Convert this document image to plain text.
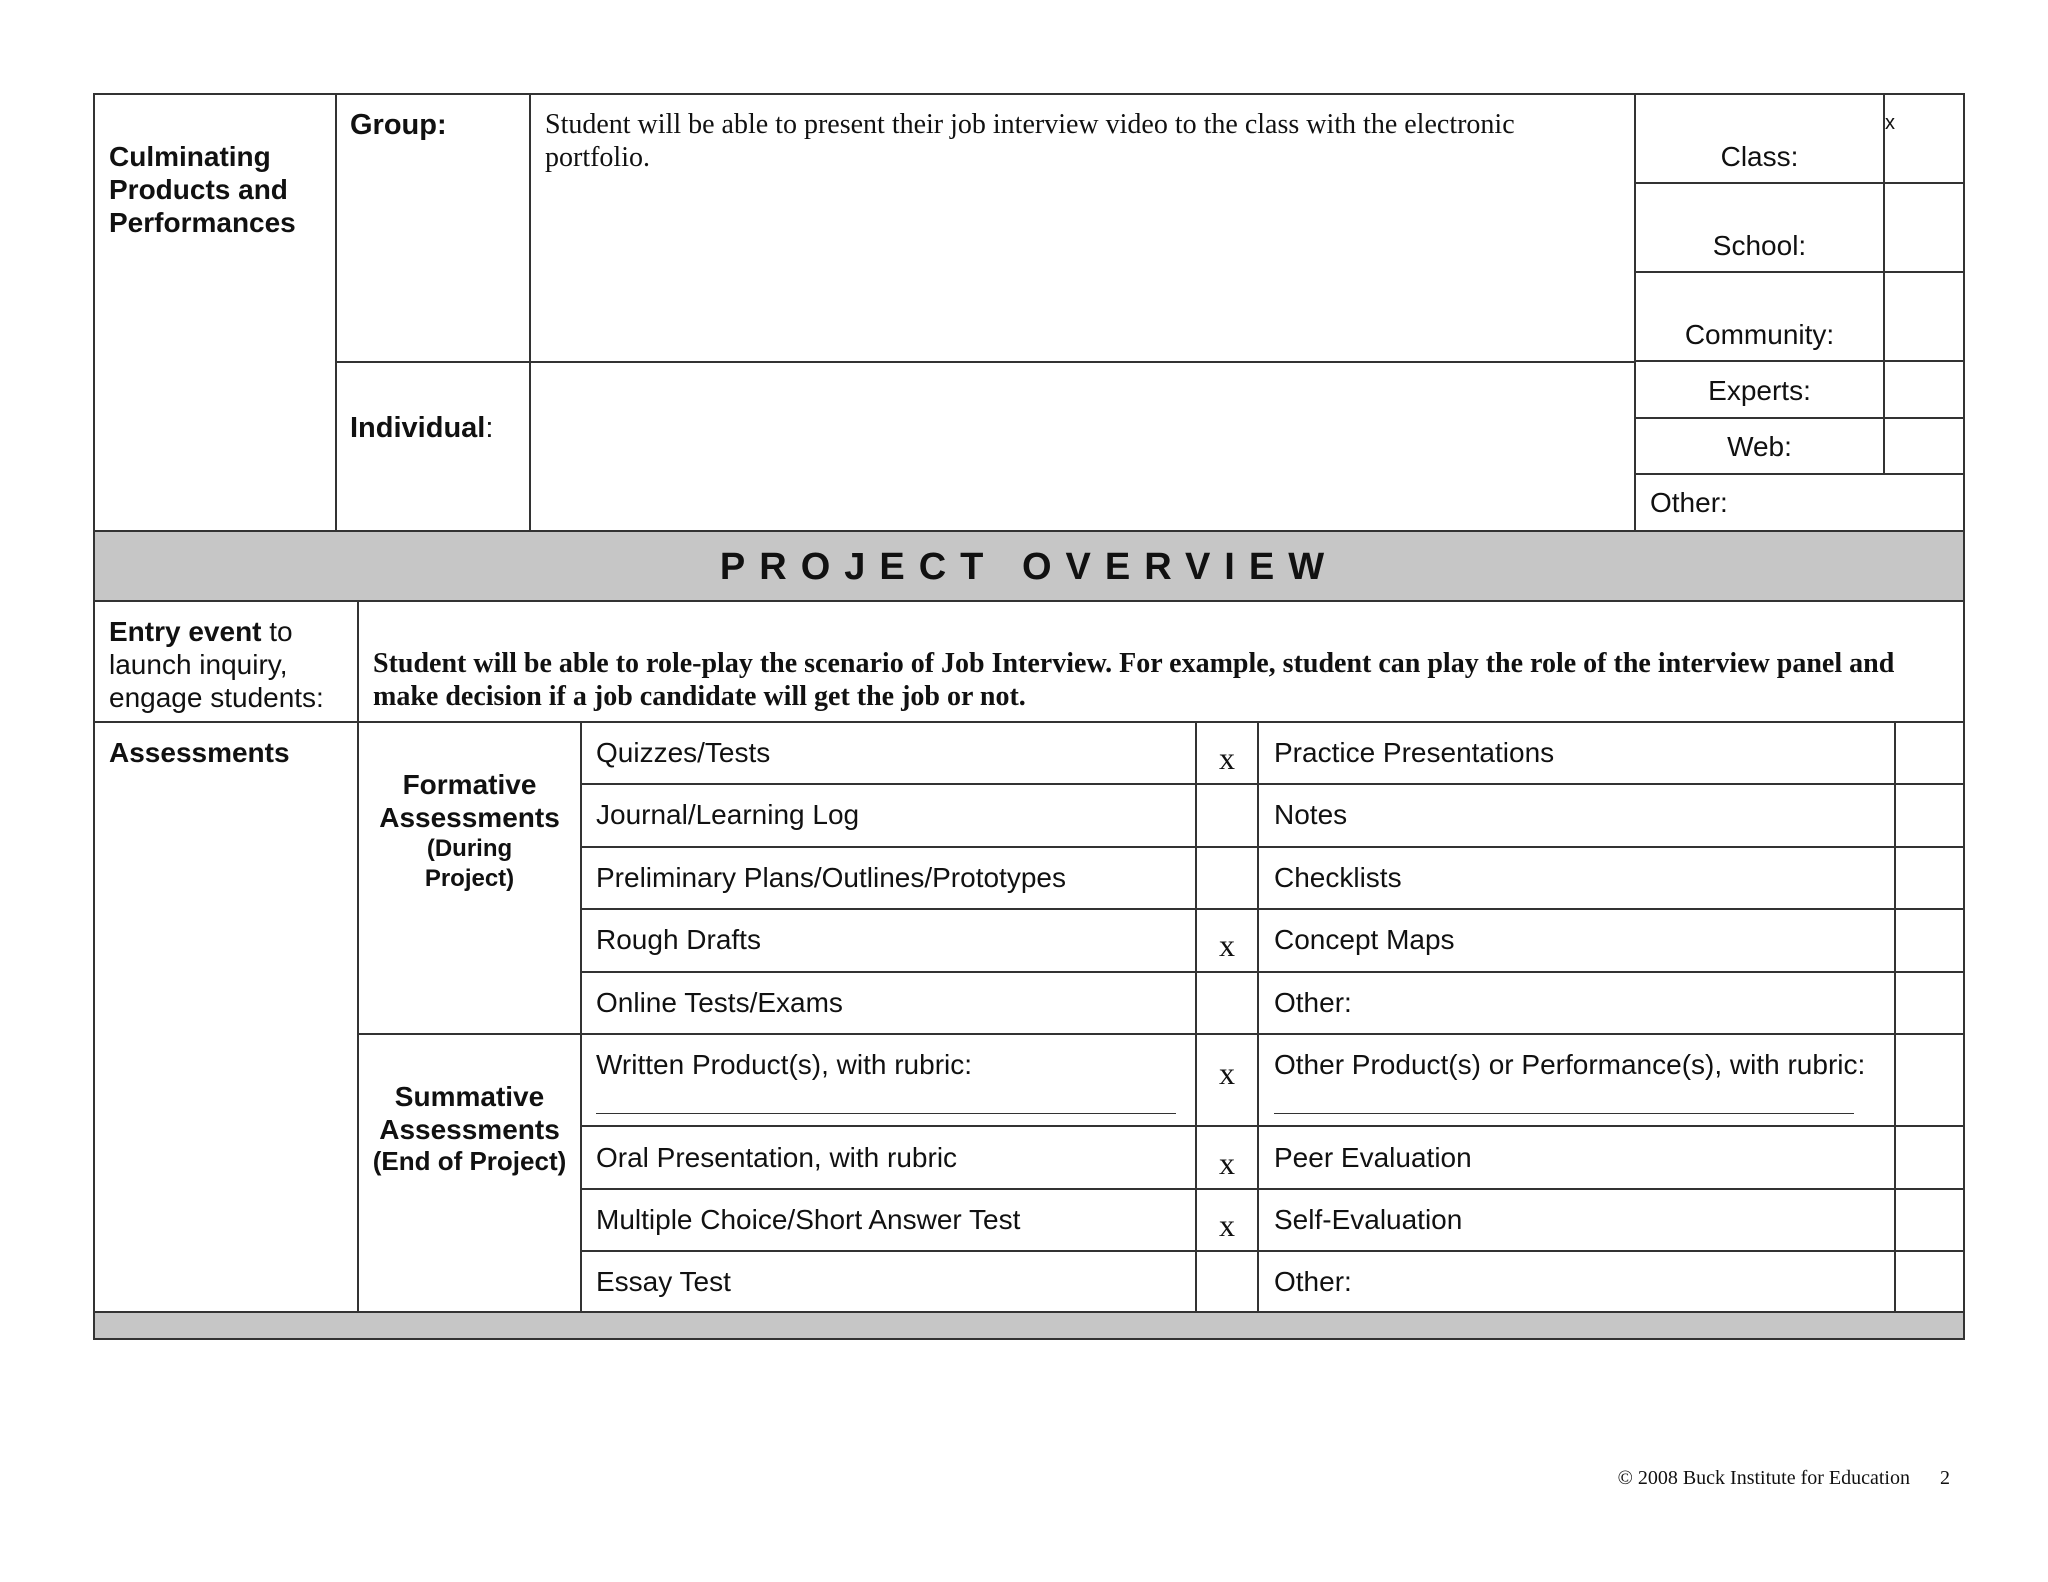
Culminating Products and Performances
Group:	Student will be able to present their job interview video to the class with the electronic portfolio.
Individual:
Class:
x
School:
Community:
Experts:
Web:
Other:
PROJECT OVERVIEW
Entry event to
launch inquiry,
engage students:
Student will be able to role-play the scenario of Job Interview. For example, student can play the role of the interview panel and make decision if a job candidate will get the job or not.
Assessments
Formative
Assessments
(During
Project)
Quizzes/Tests	x	Practice Presentations
Journal/Learning Log	Notes
Preliminary Plans/Outlines/Prototypes	Checklists
Rough Drafts	x	Concept Maps
Online Tests/Exams	Other:
Summative
Assessments
(End of Project)
Written Product(s), with rubric:	x	Other Product(s) or Performance(s), with rubric:
Oral Presentation, with rubric	x	Peer Evaluation
Multiple Choice/Short Answer Test	x	Self-Evaluation
Essay Test	Other:
© 2008 Buck Institute for Education 2
